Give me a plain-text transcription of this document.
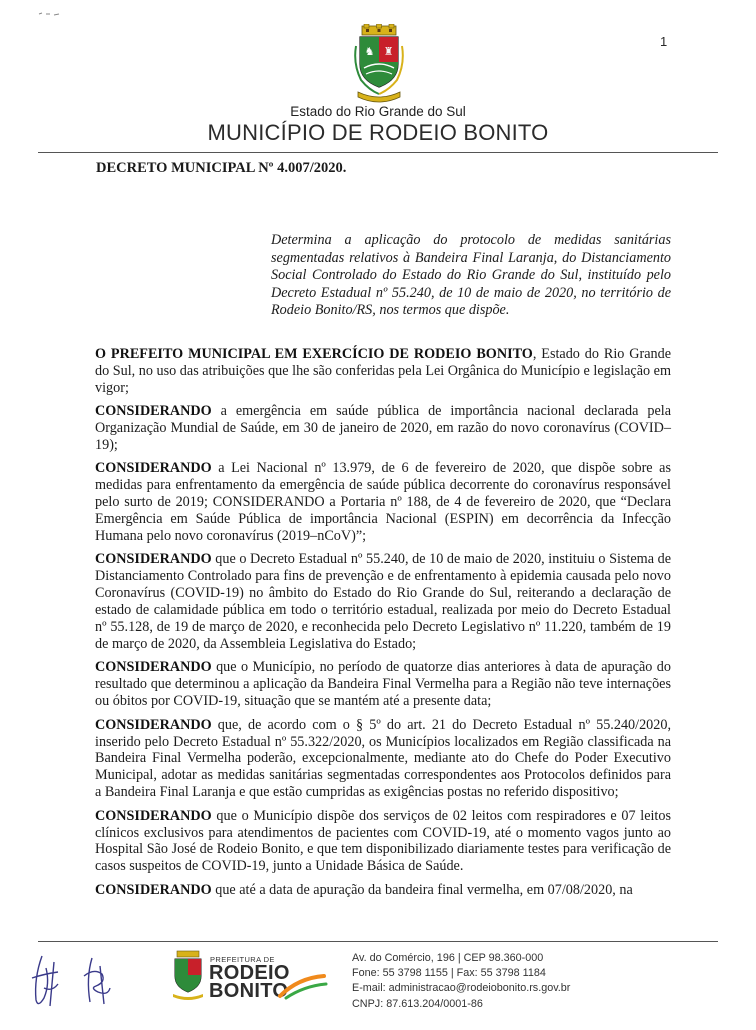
1
♞ ♜
Estado do Rio Grande do Sul
MUNICÍPIO DE RODEIO BONITO
DECRETO MUNICIPAL Nº 4.007/2020.
Determina a aplicação do protocolo de medidas sanitárias segmentadas relativos à Bandeira Final Laranja, do Distanciamento Social Controlado do Estado do Rio Grande do Sul, instituído pelo Decreto Estadual nº 55.240, de 10 de maio de 2020, no território de Rodeio Bonito/RS, nos termos que dispõe.

O PREFEITO MUNICIPAL EM EXERCÍCIO DE RODEIO BONITO, Estado do Rio Grande do Sul, no uso das atribuições que lhe são conferidas pela Lei Orgânica do Município e legislação em vigor;

CONSIDERANDO a emergência em saúde pública de importância nacional declarada pela Organização Mundial de Saúde, em 30 de janeiro de 2020, em razão do novo coronavírus (COVID–19);

CONSIDERANDO a Lei Nacional nº 13.979, de 6 de fevereiro de 2020, que dispõe sobre as medidas para enfrentamento da emergência de saúde pública decorrente do coronavírus responsável pelo surto de 2019; CONSIDERANDO a Portaria nº 188, de 4 de fevereiro de 2020, que “Declara Emergência em Saúde Pública de importância Nacional (ESPIN) em decorrência da Infecção Humana pelo novo coronavírus (2019–nCoV)”;

CONSIDERANDO que o Decreto Estadual nº 55.240, de 10 de maio de 2020, instituiu o Sistema de Distanciamento Controlado para fins de prevenção e de enfrentamento à epidemia causada pelo novo Coronavírus (COVID-19) no âmbito do Estado do Rio Grande do Sul, reiterando a declaração de estado de calamidade pública em todo o território estadual, realizada por meio do Decreto Estadual nº 55.128, de 19 de março de 2020, e reconhecida pelo Decreto Legislativo nº 11.220, também de 19 de março de 2020, da Assembleia Legislativa do Estado;

CONSIDERANDO que o Município, no período de quatorze dias anteriores à data de apuração do resultado que determinou a aplicação da Bandeira Final Vermelha para a Região não teve internações ou óbitos por COVID-19, situação que se mantém até a presente data;

CONSIDERANDO que, de acordo com o § 5º do art. 21 do Decreto Estadual nº 55.240/2020, inserido pelo Decreto Estadual nº 55.322/2020, os Municípios localizados em Região classificada na Bandeira Final Vermelha poderão, excepcionalmente, mediante ato do Chefe do Poder Executivo Municipal, adotar as medidas sanitárias segmentadas correspondentes aos Protocolos definidos para a Bandeira Final Laranja e que estão cumpridas as exigências postas no referido dispositivo;

CONSIDERANDO que o Município dispõe dos serviços de 02 leitos com respiradores e 07 leitos clínicos exclusivos para atendimentos de pacientes com COVID-19, até o momento vagos junto ao Hospital São José de Rodeio Bonito, e que tem disponibilizado diariamente testes para verificação de casos suspeitos de COVID-19, junto a Unidade Básica de Saúde.

CONSIDERANDO que até a data de apuração da bandeira final vermelha, em 07/08/2020, na

PREFEITURA DE
RODEIO
BONITO
Av. do Comércio, 196 | CEP 98.360-000
Fone: 55 3798 1155 | Fax: 55 3798 1184
E-mail: administracao@rodeiobonito.rs.gov.br
CNPJ: 87.613.204/0001-86
